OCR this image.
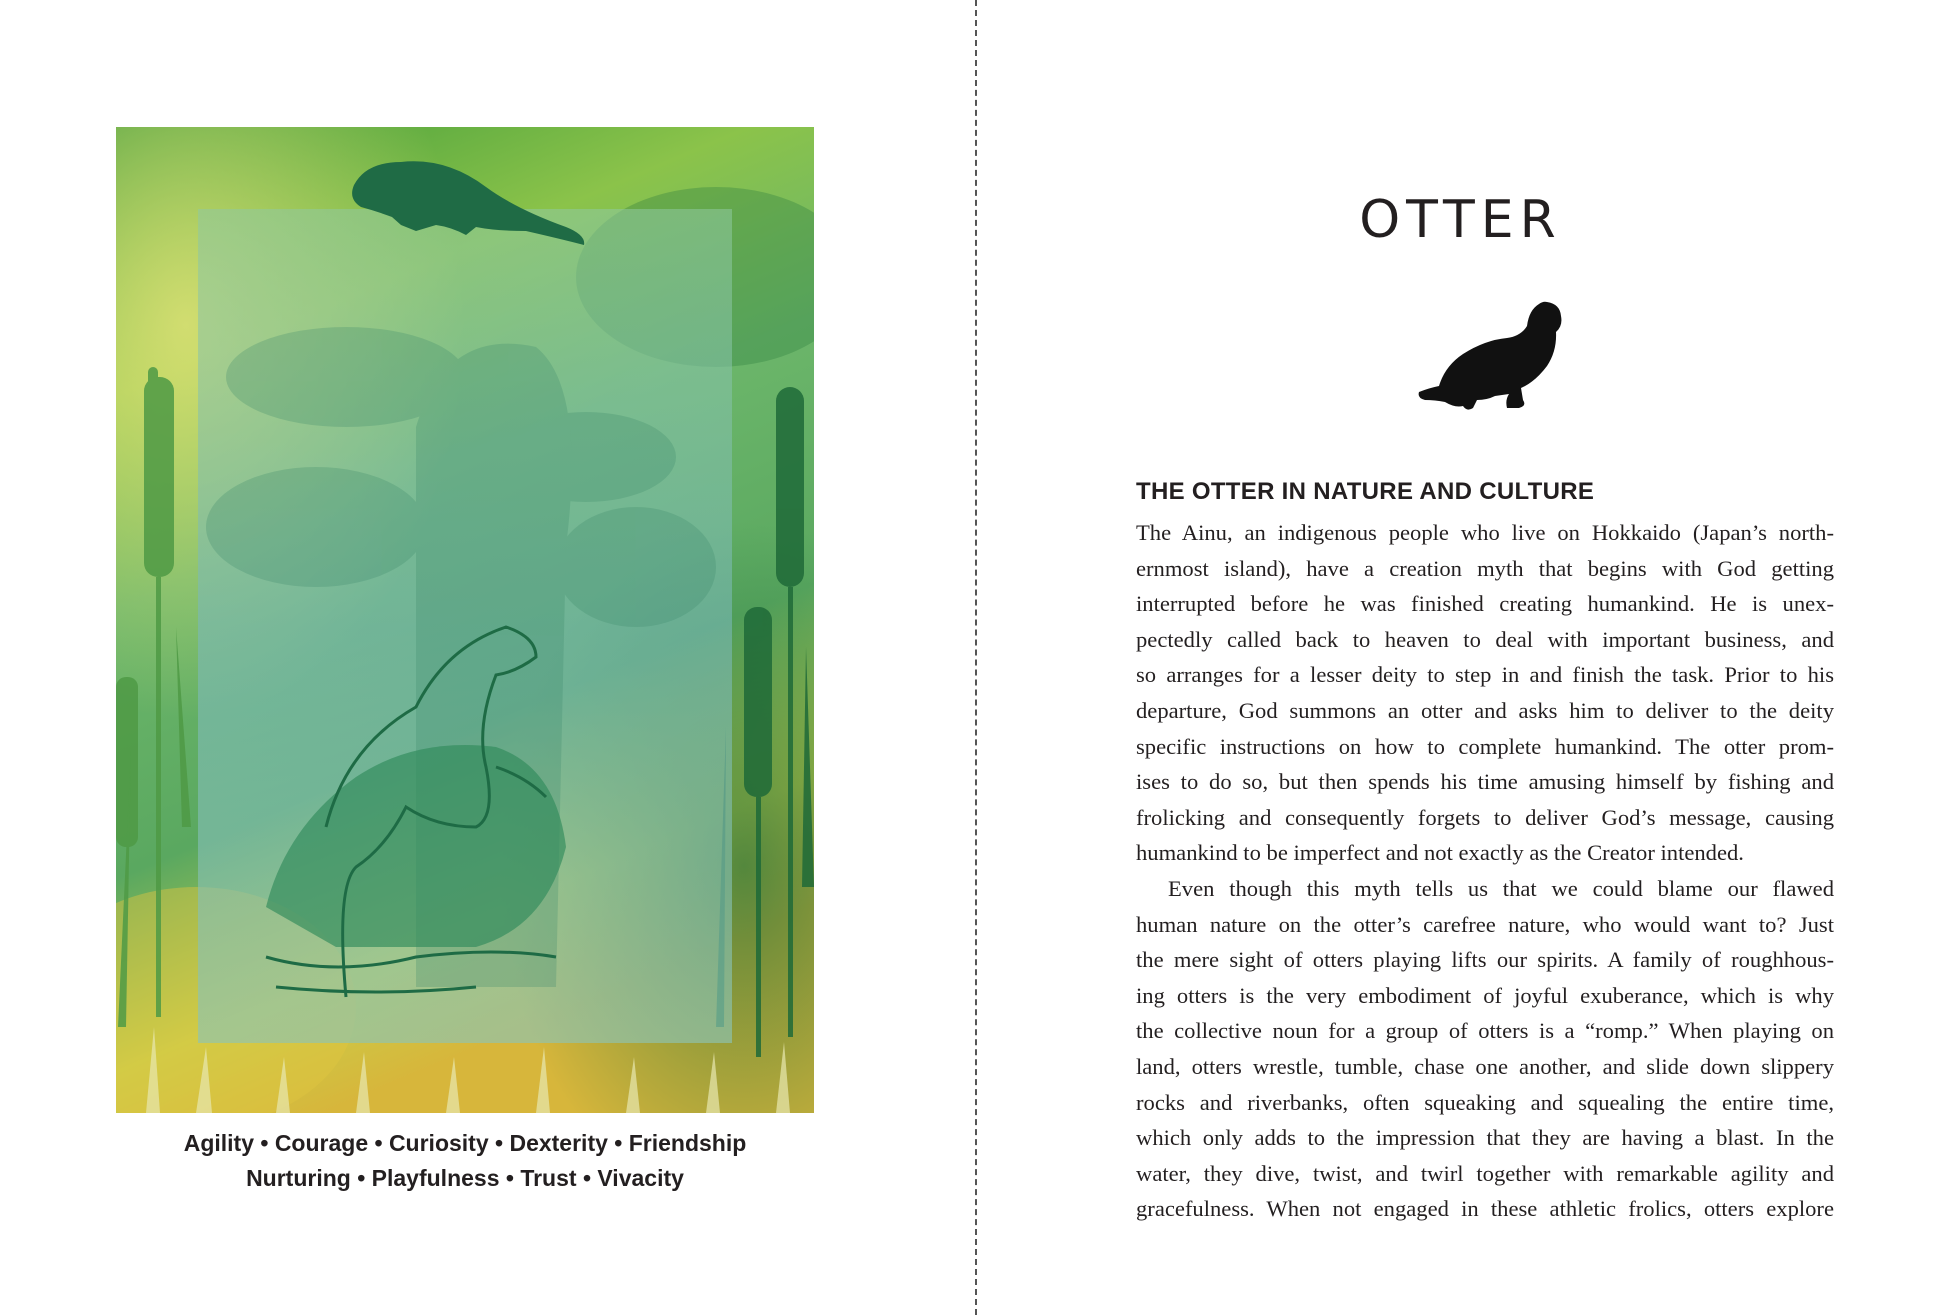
Agility • Courage • Curiosity • Dexterity • Friendship
Nurturing • Playfulness • Trust • Vivacity
OTTER
THE OTTER IN NATURE AND CULTURE
The Ainu, an indigenous people who live on Hokkaido (Japan’s north-
ernmost island), have a creation myth that begins with God getting
interrupted before he was finished creating humankind. He is unex-
pectedly called back to heaven to deal with important business, and
so arranges for a lesser deity to step in and finish the task. Prior to his
departure, God summons an otter and asks him to deliver to the deity
specific instructions on how to complete humankind. The otter prom-
ises to do so, but then spends his time amusing himself by fishing and
frolicking and consequently forgets to deliver God’s message, causing
humankind to be imperfect and not exactly as the Creator intended.
Even though this myth tells us that we could blame our flawed
human nature on the otter’s carefree nature, who would want to? Just
the mere sight of otters playing lifts our spirits. A family of roughhous-
ing otters is the very embodiment of joyful exuberance, which is why
the collective noun for a group of otters is a “romp.” When playing on
land, otters wrestle, tumble, chase one another, and slide down slippery
rocks and riverbanks, often squeaking and squealing the entire time,
which only adds to the impression that they are having a blast. In the
water, they dive, twist, and twirl together with remarkable agility and
gracefulness. When not engaged in these athletic frolics, otters explore
